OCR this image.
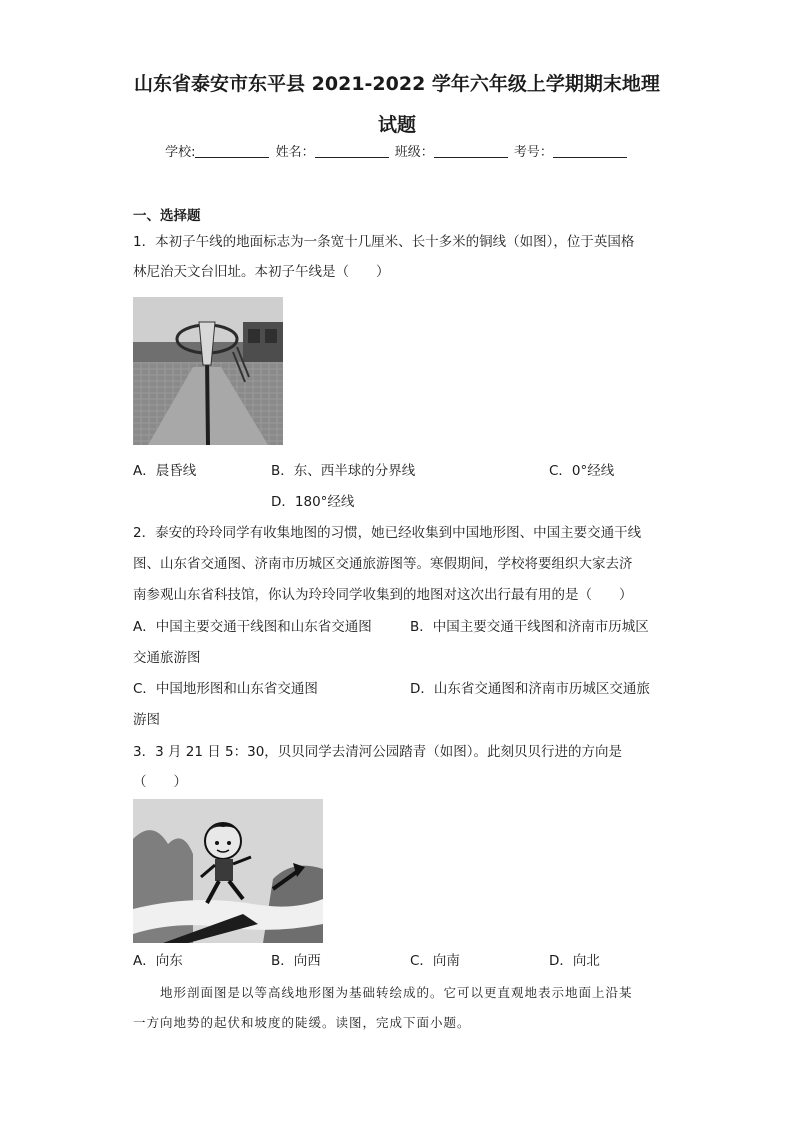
山东省泰安市东平县 2021-2022 学年六年级上学期期末地理
试题
学校:	姓名：	班级：	考号：
一、选择题
1．本初子午线的地面标志为一条宽十几厘米、长十多米的铜线（如图），位于英国格
林尼治天文台旧址。本初子午线是（　　）
A．晨昏线	B．东、西半球的分界线	C．0°经线
D．180°经线
2．泰安的玲玲同学有收集地图的习惯，她已经收集到中国地形图、中国主要交通干线
图、山东省交通图、济南市历城区交通旅游图等。寒假期间，学校将要组织大家去济
南参观山东省科技馆，你认为玲玲同学收集到的地图对这次出行最有用的是（　　）
A．中国主要交通干线图和山东省交通图	B．中国主要交通干线图和济南市历城区
交通旅游图
C．中国地形图和山东省交通图	D．山东省交通图和济南市历城区交通旅
游图
3．3 月 21 日 5：30，贝贝同学去清河公园踏青（如图）。此刻贝贝行进的方向是
（　　）
A．向东	B．向西	C．向南	D．向北
地形剖面图是以等高线地形图为基础转绘成的。它可以更直观地表示地面上沿某
一方向地势的起伏和坡度的陡缓。读图，完成下面小题。
